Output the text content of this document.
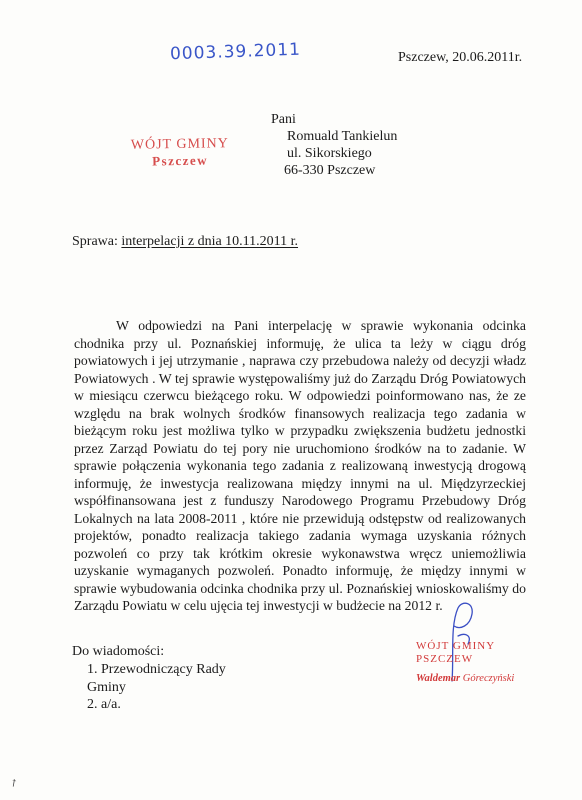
0003.39.2011	Pszczew, 20.06.2011r.
WÓJT GMINY
Pszczew
Pani
Romuald Tankielun
ul. Sikorskiego
66-330 Pszczew
Sprawa: interpelacji z dnia 10.11.2011 r.
W odpowiedzi na Pani interpelację w sprawie wykonania odcinka chodnika przy ul. Poznańskiej informuję, że ulica ta leży w ciągu dróg powiatowych i jej utrzymanie , naprawa czy przebudowa należy od decyzji władz Powiatowych . W tej sprawie występowaliśmy już do Zarządu Dróg Powiatowych w miesiącu czerwcu bieżącego roku. W odpowiedzi poinformowano nas, że ze względu na brak wolnych środków finansowych realizacja tego zadania w bieżącym roku jest możliwa tylko w przypadku zwiększenia budżetu jednostki przez Zarząd Powiatu do tej pory nie uruchomiono środków na to zadanie. W sprawie połączenia wykonania tego zadania z realizowaną inwestycją drogową informuję, że inwestycja realizowana między innymi na ul. Międzyrzeckiej współfinansowana jest z funduszy Narodowego Programu Przebudowy Dróg Lokalnych na lata 2008-2011 , które nie przewidują odstępstw od realizowanych projektów, ponadto realizacja takiego zadania wymaga uzyskania różnych pozwoleń co przy tak krótkim okresie wykonawstwa wręcz uniemożliwia uzyskanie wymaganych pozwoleń. Ponadto informuję, że między innymi w sprawie wybudowania odcinka chodnika przy ul. Poznańskiej wnioskowaliśmy do Zarządu Powiatu w celu ujęcia tej inwestycji w budżecie na 2012 r.
WÓJT GMINY PSZCZEW
Waldemar Góreczyński
Do wiadomości:
1. Przewodniczący Rady
Gminy
2. a/a.
↗
